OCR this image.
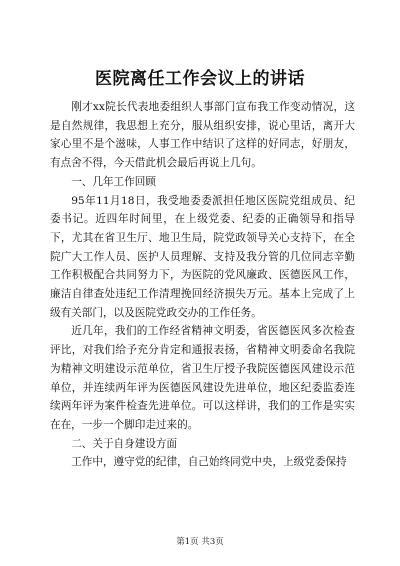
医院离任工作会议上的讲话

刚才xx院长代表地委组织人事部门宣布我工作变动情况，这是自然规律，我思想上充分，服从组织安排，说心里话，离开大家心里不是个滋味，人事工作中结识了这样的好同志，好朋友，有点舍不得，今天借此机会最后再说上几句。

一、几年工作回顾

95年11月18日，我受地委委派担任地区医院党组成员、纪委书记。近四年时间里，在上级党委、纪委的正确领导和指导下，尤其在省卫生厅、地卫生局，院党政领导关心支持下，在全院广大工作人员、医护人员理解、支持及我分管的几位同志辛勤工作积极配合共同努力下，为医院的党风廉政、医德医风工作，廉洁自律查处违纪工作清理挽回经济损失万元。基本上完成了上级有关部门，以及医院党政交办的工作任务。

近几年，我们的工作经省精神文明委，省医德医风多次检查评比，对我们给予充分肯定和通报表扬，省精神文明委命名我院为精神文明建设示范单位，省卫生厅授予我院医德医风建设示范单位，并连续两年评为医德医风建设先进单位，地区纪委监委连续两年评为案件检查先进单位。可以这样讲，我们的工作是实实在在，一步一个脚印走过来的。

二、关于自身建设方面

工作中，遵守党的纪律，自己始终同党中央，上级党委保持

第1页 共3页
